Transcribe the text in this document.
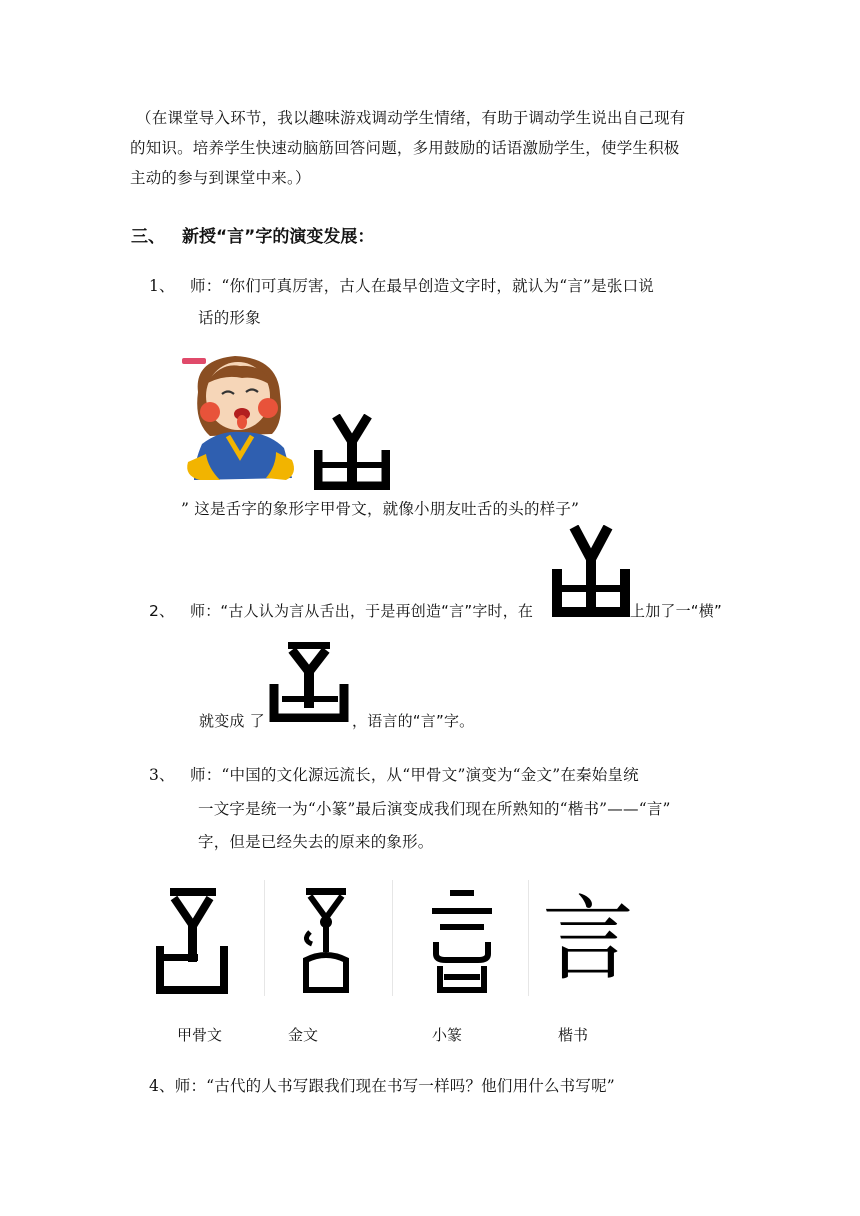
（在课堂导入环节，我以趣味游戏调动学生情绪，有助于调动学生说出自己现有
的知识。培养学生快速动脑筋回答问题，多用鼓励的话语激励学生，使学生积极
主动的参与到课堂中来。）
三、 新授“言”字的演变发展：
1、 师：“你们可真厉害，古人在最早创造文字时，就认为“言”是张口说
话的形象
” 这是舌字的象形字甲骨文，就像小朋友吐舌的头的样子”
2、 师：“古人认为言从舌出，于是再创造“言”字时，在	上加了一“横”
就变成 了	，语言的“言”字。
3、 师：“中国的文化源远流长，从“甲骨文”演变为“金文”在秦始皇统
一文字是统一为“小篆”最后演变成我们现在所熟知的“楷书”——“言”
字，但是已经失去的原来的象形。
言
甲骨文	金文	小篆	楷书
4、师：“古代的人书写跟我们现在书写一样吗？他们用什么书写呢”
